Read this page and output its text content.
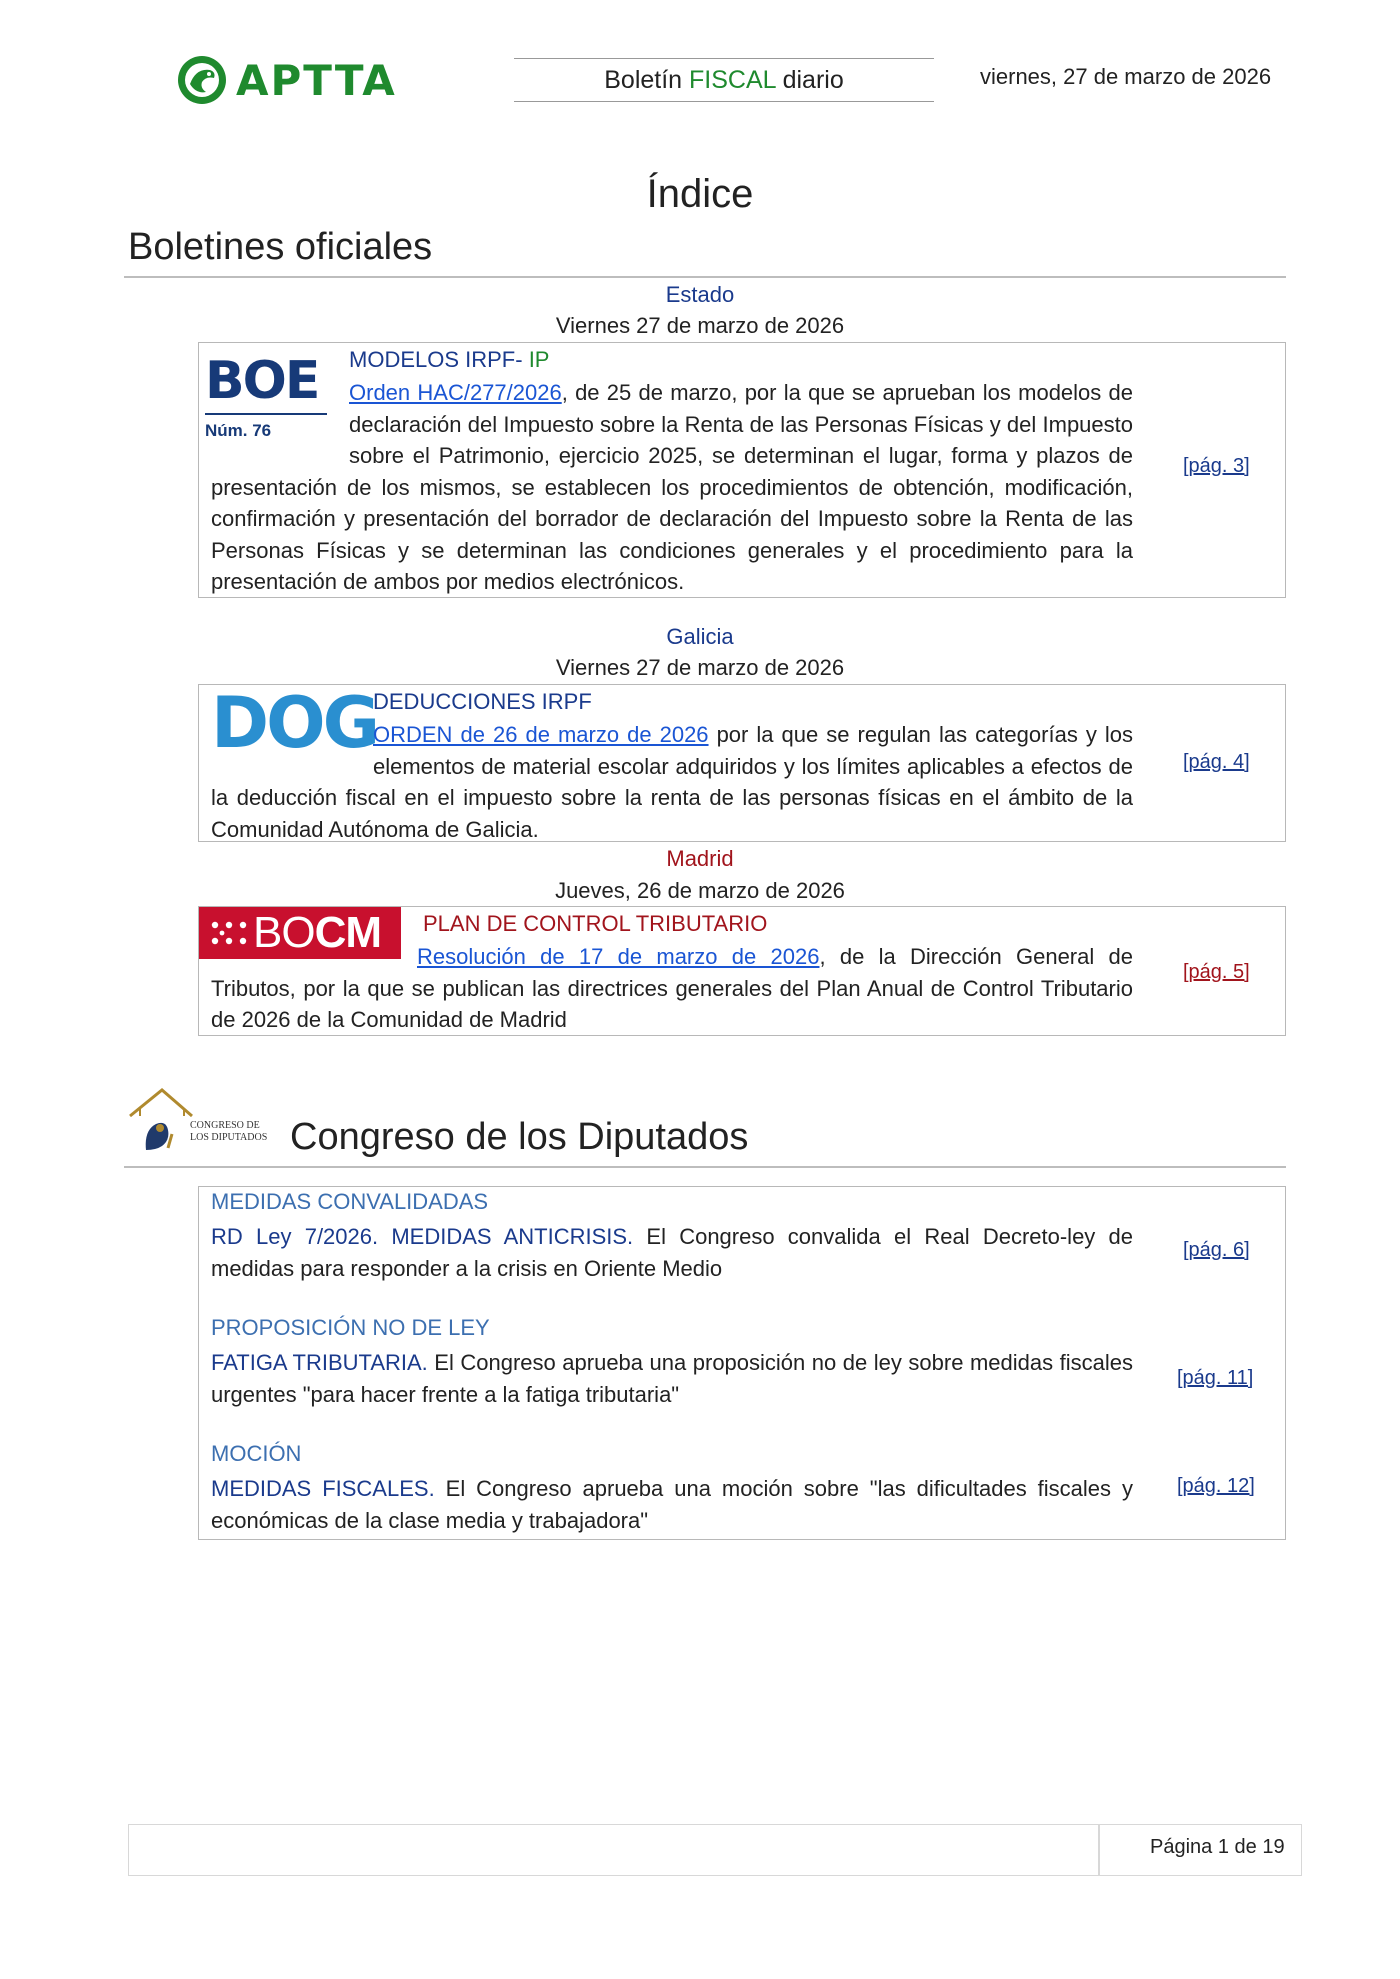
APTTA	Boletín FISCAL diario	viernes, 27 de marzo de 2026
Índice
Boletines oficiales
Estado
Viernes 27 de marzo de 2026
BOE
Núm. 76
MODELOS IRPF- IP
Orden HAC/277/2026, de 25 de marzo, por la que se aprueban los modelos de declaración del Impuesto sobre la Renta de las Personas Físicas y del Impuesto sobre el Patrimonio, ejercicio 2025, se determinan el lugar, forma y plazos de presentación de los mismos, se establecen los procedimientos de obtención, modificación, confirmación y presentación del borrador de declaración del Impuesto sobre la Renta de las Personas Físicas y se determinan las condiciones generales y el procedimiento para la presentación de ambos por medios electrónicos.
[pág. 3]
Galicia
Viernes 27 de marzo de 2026
DOG
DEDUCCIONES IRPF
ORDEN de 26 de marzo de 2026 por la que se regulan las categorías y los elementos de material escolar adquiridos y los límites aplicables a efectos de la deducción fiscal en el impuesto sobre la renta de las personas físicas en el ámbito de la Comunidad Autónoma de Galicia.
[pág. 4]
Madrid
Jueves, 26 de marzo de 2026
BO CM PLAN DE CONTROL TRIBUTARIO
Resolución de 17 de marzo de 2026, de la Dirección General de Tributos, por la que se publican las directrices generales del Plan Anual de Control Tributario de 2026 de la Comunidad de Madrid
[pág. 5]
CONGRESO DE
LOS DIPUTADOS Congreso de los Diputados
MEDIDAS CONVALIDADAS
RD Ley 7/2026. MEDIDAS ANTICRISIS. El Congreso convalida el Real Decreto-ley de medidas para responder a la crisis en Oriente Medio
[pág. 6]
PROPOSICIÓN NO DE LEY
FATIGA TRIBUTARIA. El Congreso aprueba una proposición no de ley sobre medidas fiscales urgentes "para hacer frente a la fatiga tributaria"
[pág. 11]
MOCIÓN
MEDIDAS FISCALES. El Congreso aprueba una moción sobre "las dificultades fiscales y económicas de la clase media y trabajadora"
[pág. 12]
Página 1 de 19
